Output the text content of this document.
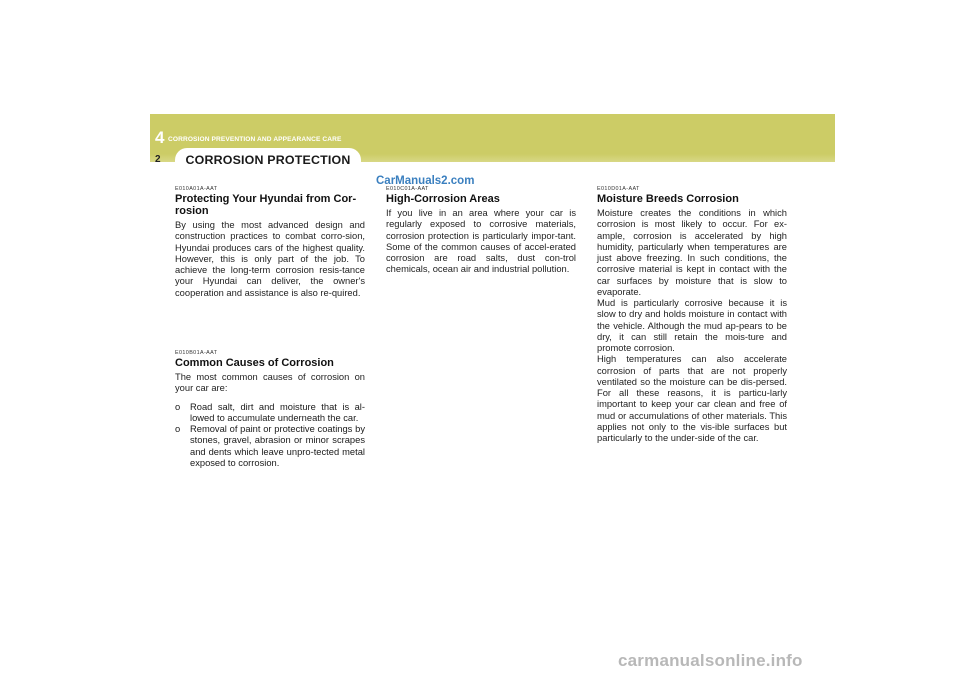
4 CORROSION PREVENTION AND APPEARANCE CARE
2	CORROSION PROTECTION
CarManuals2.com
E010A01A-AAT
Protecting Your Hyundai from Cor-rosion

By using the most advanced design and construction practices to combat corro-sion, Hyundai produces cars of the highest quality. However, this is only part of the job. To achieve the long-term corrosion resis-tance your Hyundai can deliver, the owner's cooperation and assistance is also re-quired.

E010B01A-AAT
Common Causes of Corrosion

The most common causes of corrosion on your car are:

o Road salt, dirt and moisture that is al-lowed to accumulate underneath the car.
o Removal of paint or protective coatings by stones, gravel, abrasion or minor scrapes and dents which leave unpro-tected metal exposed to corrosion.
E010C01A-AAT
High-Corrosion Areas

If you live in an area where your car is regularly exposed to corrosive materials, corrosion protection is particularly impor-tant. Some of the common causes of accel-erated corrosion are road salts, dust con-trol chemicals, ocean air and industrial pollution.

E010D01A-AAT
Moisture Breeds Corrosion

Moisture creates the conditions in which corrosion is most likely to occur. For ex-ample, corrosion is accelerated by high humidity, particularly when temperatures are just above freezing. In such conditions, the corrosive material is kept in contact with the car surfaces by moisture that is slow to evaporate.

Mud is particularly corrosive because it is slow to dry and holds moisture in contact with the vehicle. Although the mud ap-pears to be dry, it can still retain the mois-ture and promote corrosion.

High temperatures can also accelerate corrosion of parts that are not properly ventilated so the moisture can be dis-persed. For all these reasons, it is particu-larly important to keep your car clean and free of mud or accumulations of other materials. This applies not only to the vis-ible surfaces but particularly to the under-side of the car.

carmanualsonline.info
